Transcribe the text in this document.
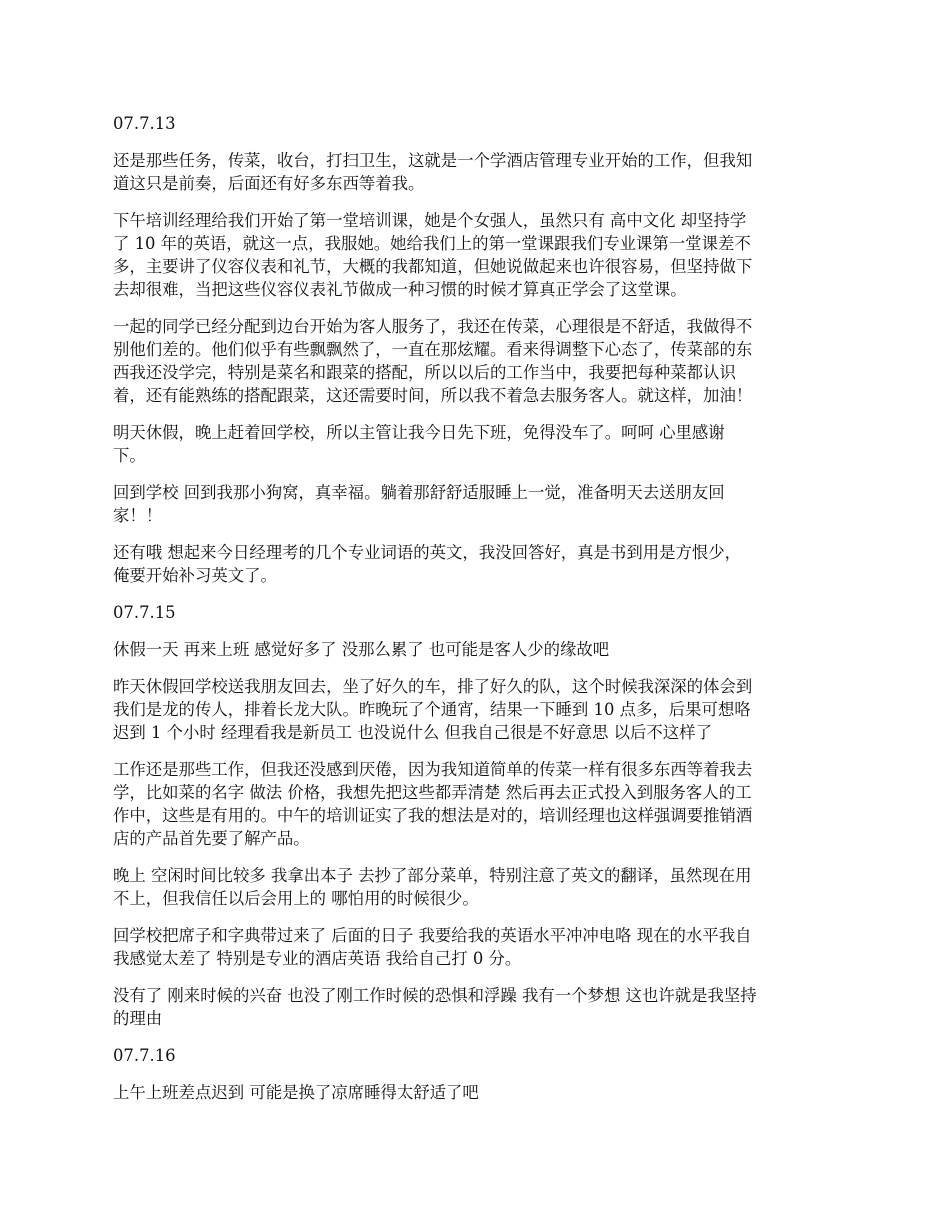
07.7.13

还是那些任务，传菜，收台，打扫卫生，这就是一个学酒店管理专业开始的工作，但我知
道这只是前奏，后面还有好多东西等着我。

下午培训经理给我们开始了第一堂培训课，她是个女强人，虽然只有 高中文化 却坚持学
了 10 年的英语，就这一点，我服她。她给我们上的第一堂课跟我们专业课第一堂课差不
多，主要讲了仪容仪表和礼节，大概的我都知道，但她说做起来也许很容易，但坚持做下
去却很难，当把这些仪容仪表礼节做成一种习惯的时候才算真正学会了这堂课。

一起的同学已经分配到边台开始为客人服务了，我还在传菜，心理很是不舒适，我做得不
别他们差的。他们似乎有些飘飘然了，一直在那炫耀。看来得调整下心态了，传菜部的东
西我还没学完，特别是菜名和跟菜的搭配，所以以后的工作当中，我要把每种菜都认识
着，还有能熟练的搭配跟菜，这还需要时间，所以我不着急去服务客人。就这样，加油！

明天休假，晚上赶着回学校，所以主管让我今日先下班，免得没车了。呵呵 心里感谢
下。

回到学校 回到我那小狗窝，真幸福。躺着那舒舒适服睡上一觉，准备明天去送朋友回
家！！

还有哦 想起来今日经理考的几个专业词语的英文，我没回答好，真是书到用是方恨少，
俺要开始补习英文了。

07.7.15

休假一天 再来上班 感觉好多了 没那么累了 也可能是客人少的缘故吧

昨天休假回学校送我朋友回去，坐了好久的车，排了好久的队，这个时候我深深的体会到
我们是龙的传人，排着长龙大队。昨晚玩了个通宵，结果一下睡到 10 点多，后果可想咯
迟到 1 个小时 经理看我是新员工 也没说什么 但我自己很是不好意思 以后不这样了

工作还是那些工作，但我还没感到厌倦，因为我知道简单的传菜一样有很多东西等着我去
学，比如菜的名字 做法 价格，我想先把这些都弄清楚 然后再去正式投入到服务客人的工
作中，这些是有用的。中午的培训证实了我的想法是对的，培训经理也这样强调要推销酒
店的产品首先要了解产品。

晚上 空闲时间比较多 我拿出本子 去抄了部分菜单，特别注意了英文的翻译，虽然现在用
不上，但我信任以后会用上的 哪怕用的时候很少。

回学校把席子和字典带过来了 后面的日子 我要给我的英语水平冲冲电咯 现在的水平我自
我感觉太差了 特别是专业的酒店英语 我给自己打 0 分。

没有了 刚来时候的兴奋 也没了刚工作时候的恐惧和浮躁 我有一个梦想 这也许就是我坚持
的理由

07.7.16

上午上班差点迟到 可能是换了凉席睡得太舒适了吧
